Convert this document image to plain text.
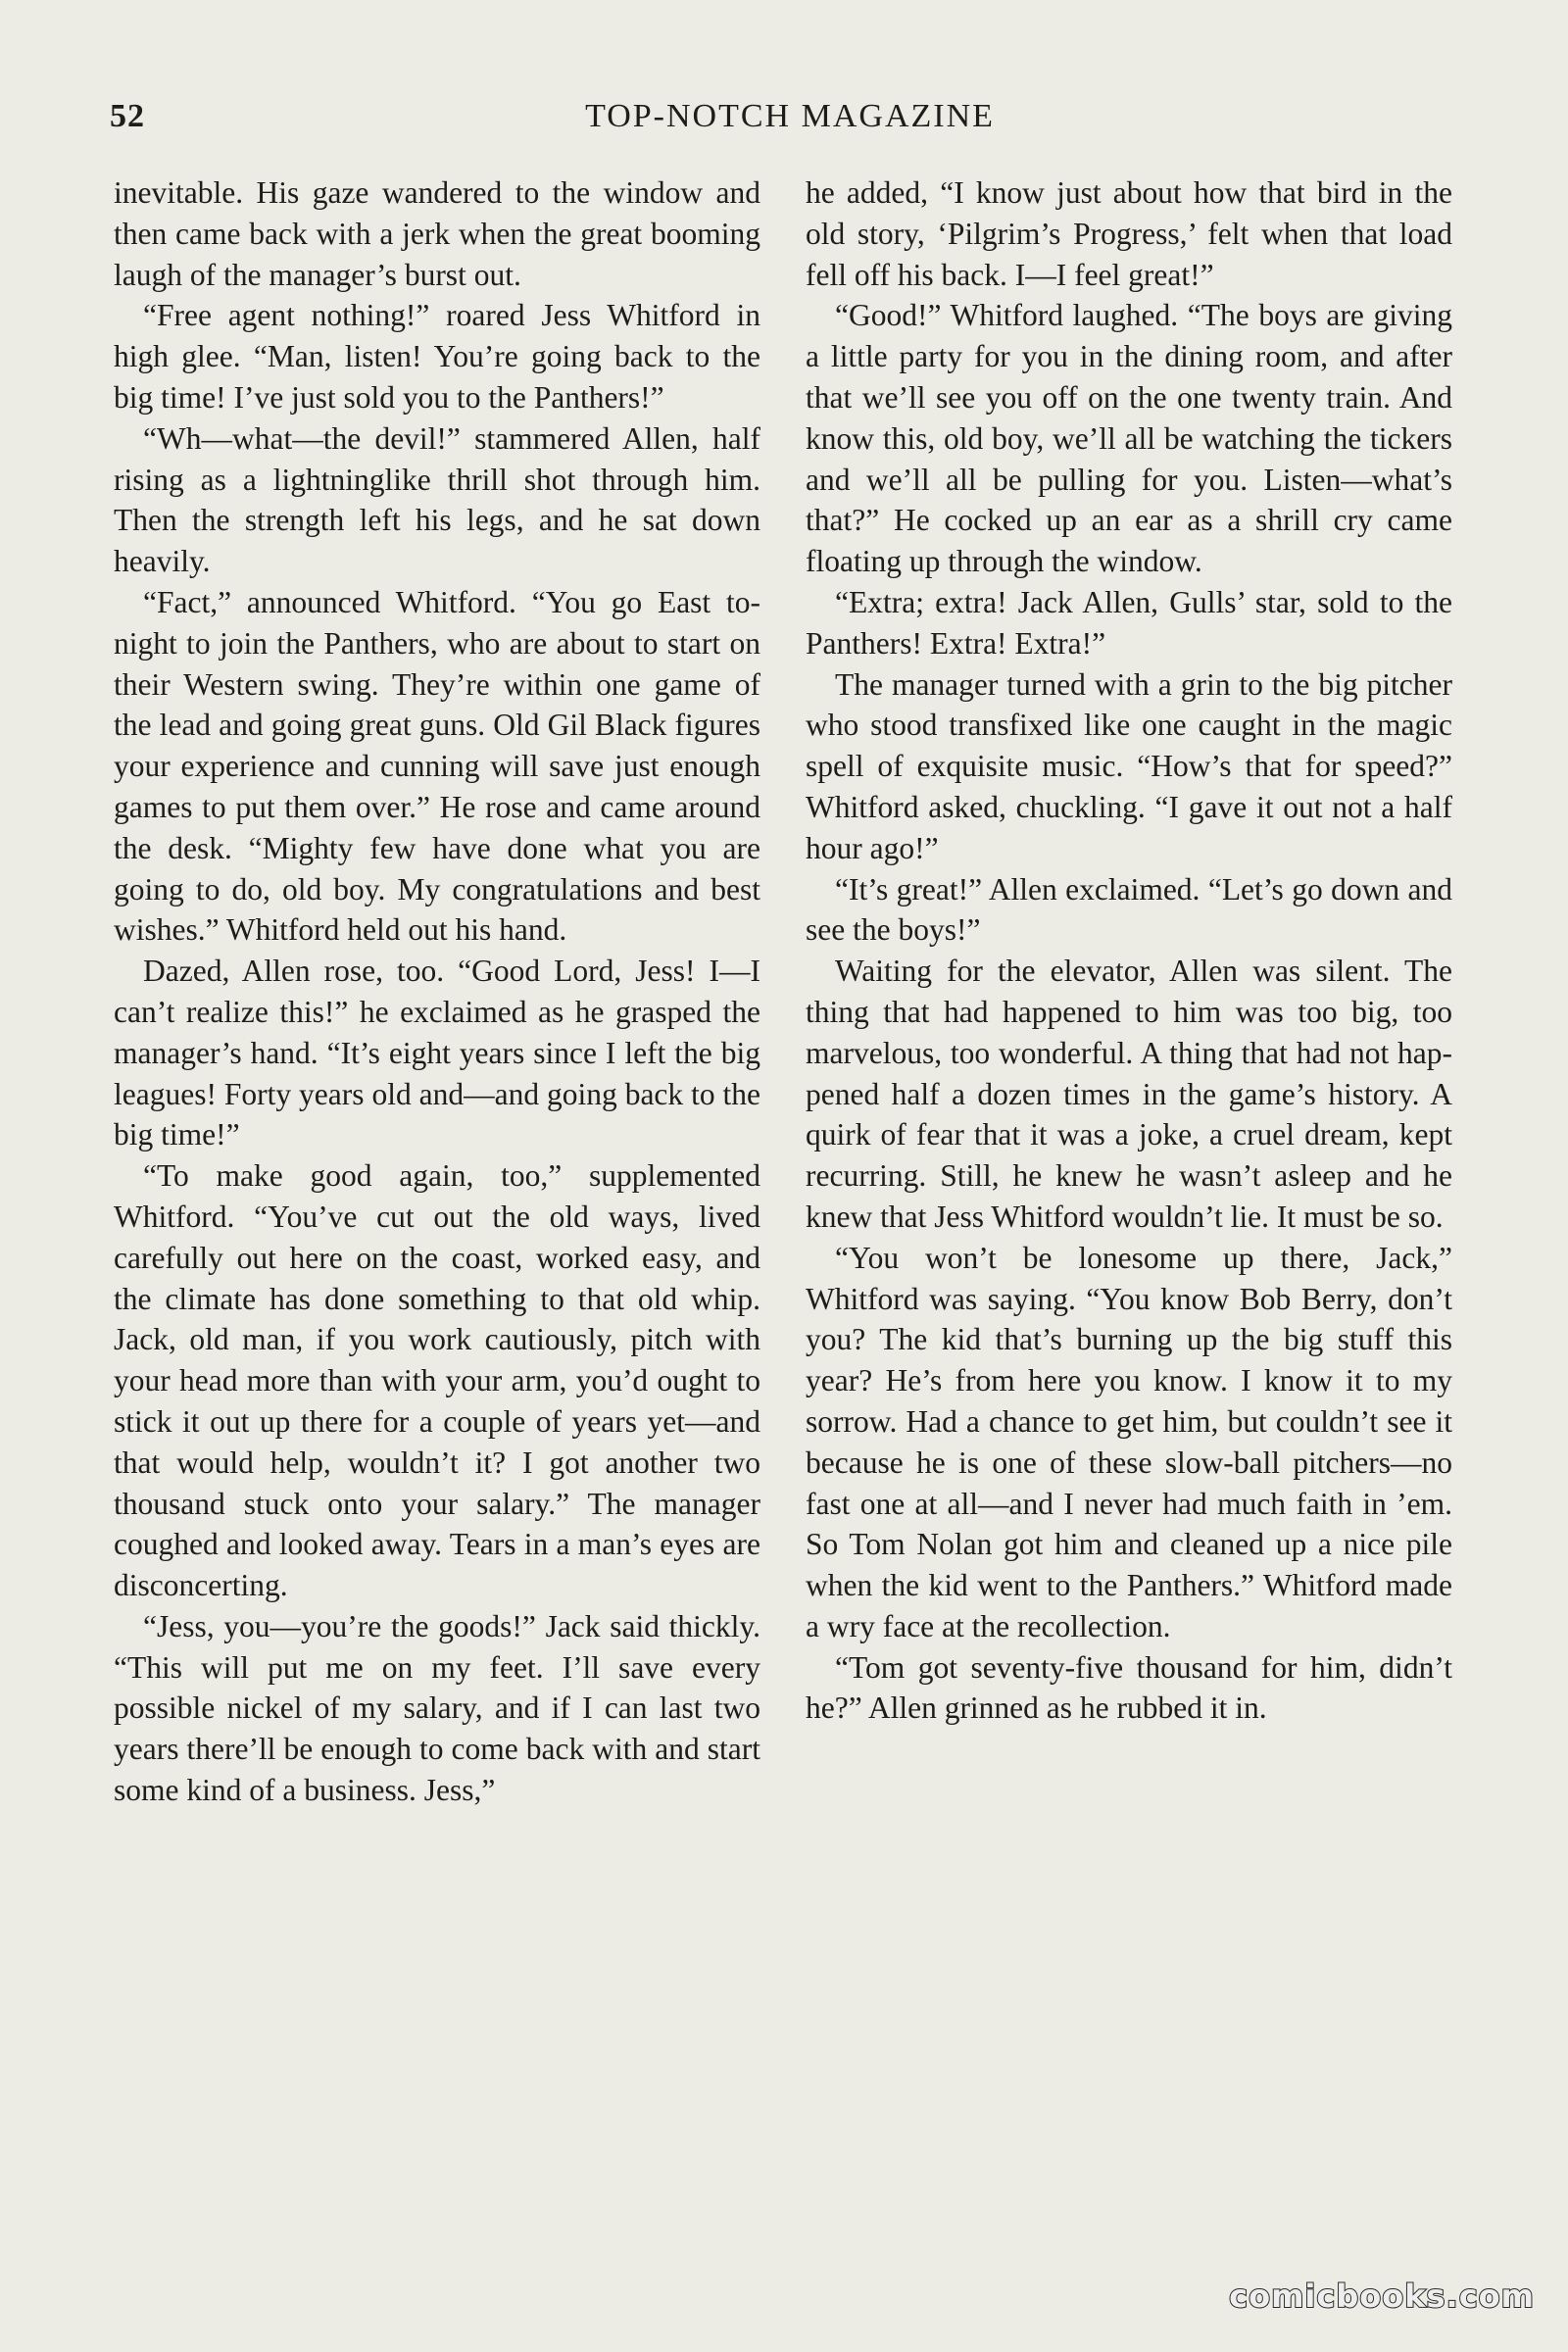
TOP-NOTCH MAGAZINE
52

inevitable. His gaze wandered to the window and then came back with a jerk when the great booming laugh of the manager’s burst out.

“Free agent nothing!” roared Jess Whitford in high glee. “Man, listen! You’re going back to the big time! I’ve just sold you to the Panthers!”

“Wh—what—the devil!” stammered Allen, half rising as a lightninglike thrill shot through him. Then the strength left his legs, and he sat down heavily.

“Fact,” announced Whitford. “You go East to-night to join the Panthers, who are about to start on their Western swing. They’re within one game of the lead and going great guns. Old Gil Black figures your experience and cunning will save just enough games to put them over.” He rose and came around the desk. “Mighty few have done what you are going to do, old boy. My congratulations and best wishes.” Whitford held out his hand.

Dazed, Allen rose, too. “Good Lord, Jess! I—I can’t realize this!” he exclaimed as he grasped the manager’s hand. “It’s eight years since I left the big leagues! Forty years old and—and going back to the big time!”

“To make good again, too,” supplemented Whitford. “You’ve cut out the old ways, lived carefully out here on the coast, worked easy, and the climate has done something to that old whip. Jack, old man, if you work cautiously, pitch with your head more than with your arm, you’d ought to stick it out up there for a couple of years yet—and that would help, wouldn’t it? I got another two thousand stuck onto your salary.” The manager coughed and looked away. Tears in a man’s eyes are disconcerting.

“Jess, you—you’re the goods!” Jack said thickly. “This will put me on my feet. I’ll save every possible nickel of my salary, and if I can last two years there’ll be enough to come back with and start some kind of a business. Jess,”

he added, “I know just about how that bird in the old story, ‘Pilgrim’s Progress,’ felt when that load fell off his back. I—I feel great!”

“Good!” Whitford laughed. “The boys are giving a little party for you in the dining room, and after that we’ll see you off on the one twenty train. And know this, old boy, we’ll all be watching the tickers and we’ll all be pulling for you. Listen—what’s that?” He cocked up an ear as a shrill cry came floating up through the window.

“Extra; extra! Jack Allen, Gulls’ star, sold to the Panthers! Extra! Extra!”

The manager turned with a grin to the big pitcher who stood transfixed like one caught in the magic spell of exquisite music. “How’s that for speed?” Whitford asked, chuckling. “I gave it out not a half hour ago!”

“It’s great!” Allen exclaimed. “Let’s go down and see the boys!”

Waiting for the elevator, Allen was silent. The thing that had happened to him was too big, too marvelous, too wonderful. A thing that had not happened half a dozen times in the game’s history. A quirk of fear that it was a joke, a cruel dream, kept recurring. Still, he knew he wasn’t asleep and he knew that Jess Whitford wouldn’t lie. It must be so.

“You won’t be lonesome up there, Jack,” Whitford was saying. “You know Bob Berry, don’t you? The kid that’s burning up the big stuff this year? He’s from here you know. I know it to my sorrow. Had a chance to get him, but couldn’t see it because he is one of these slow-ball pitchers—no fast one at all—and I never had much faith in ’em. So Tom Nolan got him and cleaned up a nice pile when the kid went to the Panthers.” Whitford made a wry face at the recollection.

“Tom got seventy-five thousand for him, didn’t he?” Allen grinned as he rubbed it in.

comicbooks.com
